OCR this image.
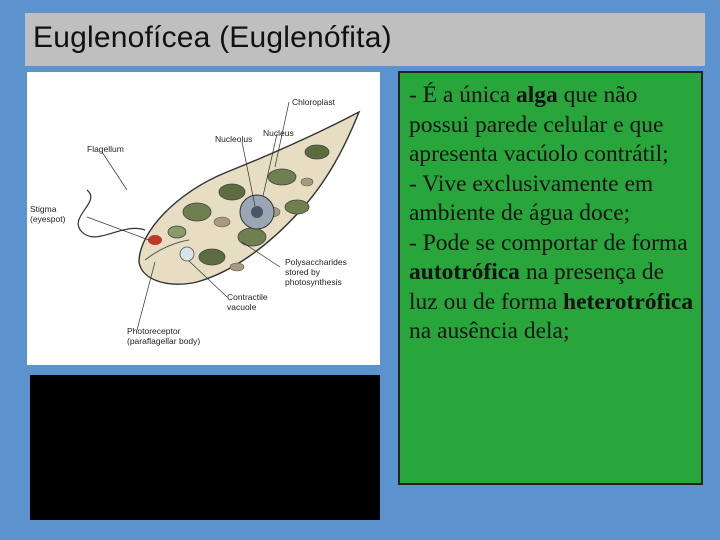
Euglenofícea (Euglenófita)
Chloroplast
Nucleolus
Nucleus
Flagellum
Stigma
(eyespot)
Polysaccharides
stored by
photosynthesis
Contractile
vacuole
Photoreceptor
(paraflagellar body)

- É a única alga que não possui parede celular e que apresenta vacúolo contrátil;

- Vive exclusivamente em ambiente de água doce;

- Pode se comportar de forma autotrófica na presença de luz ou de forma heterotrófica na ausência dela;
